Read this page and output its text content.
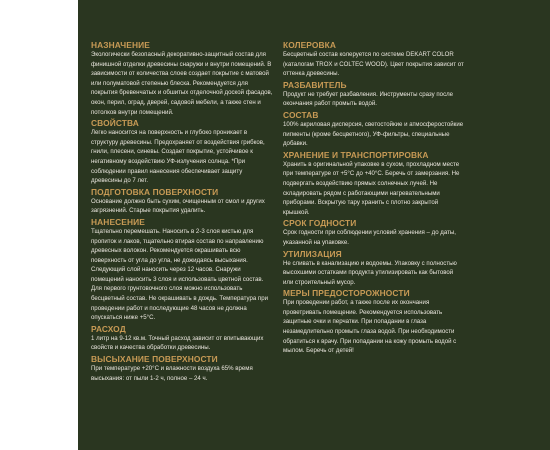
НАЗНАЧЕНИЕ

Экологически безопасный декоративно-защитный состав для финишной отделки древесины снаружи и внутри помещений. В зависимости от количества слоев создает покрытие с матовой или полуматовой степенью блеска. Рекомендуется для покрытия бревенчатых и обшитых отделочной доской фасадов, окон, перил, оград, дверей, садовой мебели, а также стен и потолков внутри помещений.

СВОЙСТВА

Легко наносится на поверхность и глубоко проникает в структуру древесины. Предохраняет от воздействия грибков, гнили, плесени, синевы. Создает покрытие, устойчивое к негативному воздействию УФ-излучения солнца. *При соблюдении правил нанесения обеспечивает защиту древесины до 7 лет.

ПОДГОТОВКА ПОВЕРХНОСТИ

Основание должно быть сухим, очищенным от смол и других загрязнений. Старые покрытия удалить.

НАНЕСЕНИЕ

Тщательно перемешать. Наносить в 2-3 слоя кистью для пропиток и лаков, тщательно втирая состав по направлению древесных волокон. Рекомендуется окрашивать всю поверхность от угла до угла, не дожидаясь высыхания. Следующий слой наносить через 12 часов. Снаружи помещений наносить 3 слоя и использовать цветной состав. Для первого грунтовочного слоя можно использовать бесцветный состав. Не окрашивать в дождь. Температура при проведении работ и последующие 48 часов не должна опускаться ниже +5°С.

РАСХОД

1 литр на 9-12 кв.м. Точный расход зависит от впитывающих свойств и качества обработки древесины.

ВЫСЫХАНИЕ ПОВЕРХНОСТИ

При температуре +20°С и влажности воздуха 65% время высыхания: от пыли 1-2 ч, полное – 24 ч.

КОЛЕРОВКА

Бесцветный состав колеруется по системе DEKART COLOR (каталогам TROX и COLTEC WOOD). Цвет покрытия зависит от оттенка древесины.

РАЗБАВИТЕЛЬ

Продукт не требует разбавления. Инструменты сразу после окончания работ промыть водой.

СОСТАВ

100% акриловая дисперсия, светостойкие и атмосферостойкие пигменты (кроме бесцветного), УФ-фильтры, специальные добавки.

ХРАНЕНИЕ И ТРАНСПОРТИРОВКА

Хранить в оригинальной упаковке в сухом, прохладном месте при температуре от +5°С до +40°С. Беречь от замерзания. Не подвергать воздействию прямых солнечных лучей. Не складировать рядом с работающими нагревательными приборами. Вскрытую тару хранить с плотно закрытой крышкой.

СРОК ГОДНОСТИ

Срок годности при соблюдении условий хранения – до даты, указанной на упаковке.

УТИЛИЗАЦИЯ

Не сливать в канализацию и водоемы. Упаковку с полностью высохшими остатками продукта утилизировать как бытовой или строительный мусор.

МЕРЫ ПРЕДОСТОРОЖНОСТИ

При проведении работ, а также после их окончания проветривать помещение. Рекомендуется использовать защитные очки и перчатки. При попадании в глаза незамедлительно промыть глаза водой. При необходимости обратиться к врачу. При попадании на кожу промыть водой с мылом. Беречь от детей!
